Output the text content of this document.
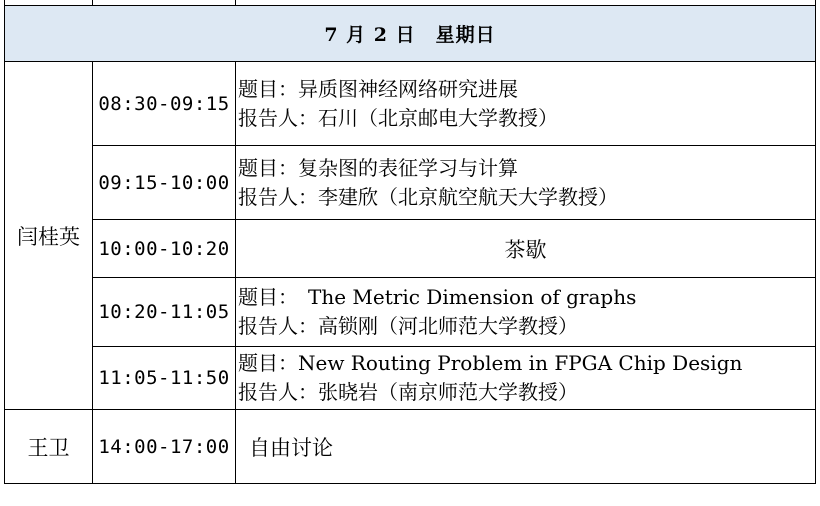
7 月 2 日　星期日		
闫桂英	08:30-09:15	题目：异质图神经网络研究进展
报告人：石川（北京邮电大学教授）

	09:15-10:00	题目：复杂图的表征学习与计算
报告人：李建欣（北京航空航天大学教授）

	10:00-10:20	茶歇
	10:20-11:05	题目：　The Metric Dimension of graphs
报告人：高锁刚（河北师范大学教授）

	11:05-11:50	题目：New Routing Problem in FPGA Chip Design
报告人：张晓岩（南京师范大学教授）

王卫	14:00-17:00	自由讨论
